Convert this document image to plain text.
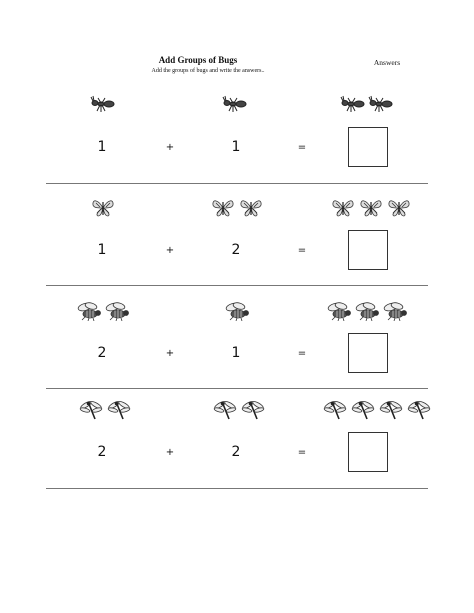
Add Groups of Bugs
Add the groups of bugs and write the answers..
Answers
1	+	1	=
1	+	2	=
2	+	1	=
2	+	2	=
